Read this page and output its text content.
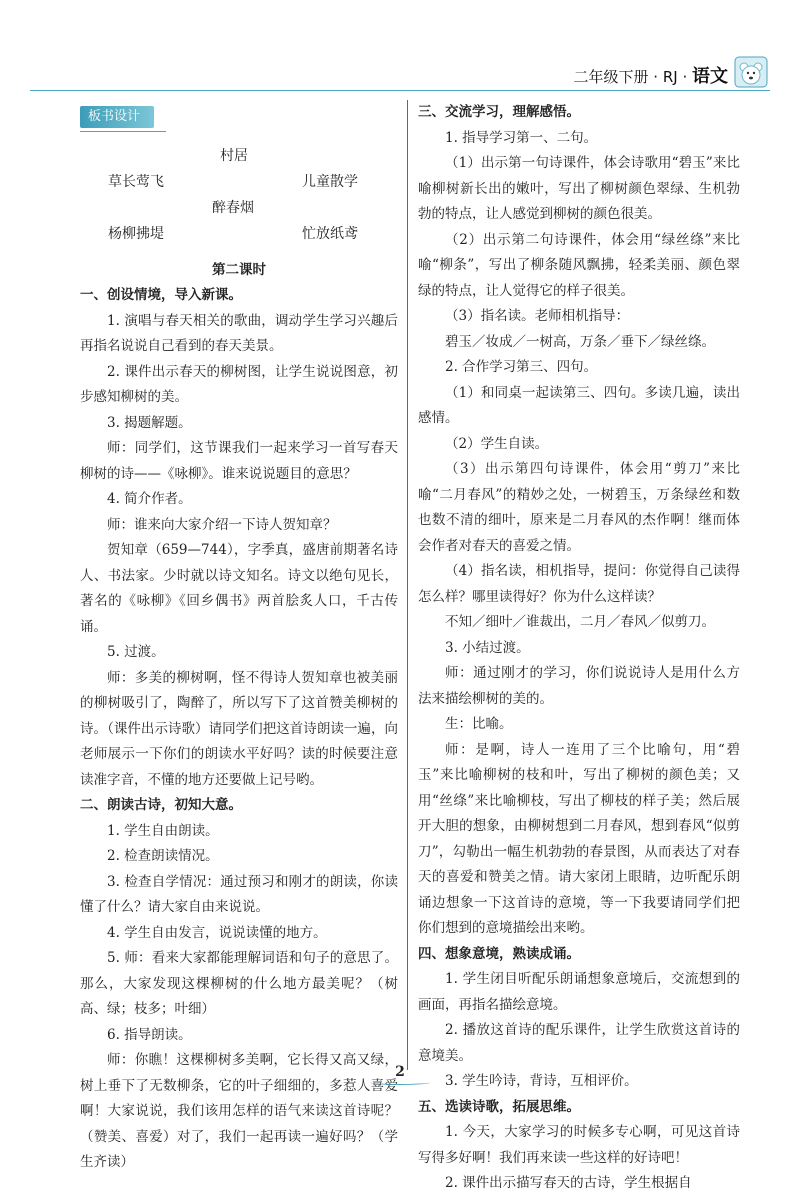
二年级下册 · RJ · 语文
板书设计
村居
草长莺飞	儿童散学
醉春烟
杨柳拂堤	忙放纸鸢

第二课时

一、创设情境，导入新课。

1. 演唱与春天相关的歌曲，调动学生学习兴趣后再指名说说自己看到的春天美景。

2. 课件出示春天的柳树图，让学生说说图意，初步感知柳树的美。

3. 揭题解题。

师：同学们，这节课我们一起来学习一首写春天柳树的诗——《咏柳》。谁来说说题目的意思？

4. 简介作者。

师：谁来向大家介绍一下诗人贺知章？

贺知章（659—744），字季真，盛唐前期著名诗人、书法家。少时就以诗文知名。诗文以绝句见长，著名的《咏柳》《回乡偶书》两首脍炙人口，千古传诵。

5. 过渡。

师：多美的柳树啊，怪不得诗人贺知章也被美丽的柳树吸引了，陶醉了，所以写下了这首赞美柳树的诗。（课件出示诗歌）请同学们把这首诗朗读一遍，向老师展示一下你们的朗读水平好吗？读的时候要注意读准字音，不懂的地方还要做上记号哟。

二、朗读古诗，初知大意。

1. 学生自由朗读。

2. 检查朗读情况。

3. 检查自学情况：通过预习和刚才的朗读，你读懂了什么？请大家自由来说说。

4. 学生自由发言，说说读懂的地方。

5. 师：看来大家都能理解词语和句子的意思了。那么，大家发现这棵柳树的什么地方最美呢？（树高、绿；枝多；叶细）

6. 指导朗读。

师：你瞧！这棵柳树多美啊，它长得又高又绿，树上垂下了无数柳条，它的叶子细细的，多惹人喜爱啊！大家说说，我们该用怎样的语气来读这首诗呢？（赞美、喜爱）对了，我们一起再读一遍好吗？（学生齐读）

三、交流学习，理解感悟。

1. 指导学习第一、二句。

（1）出示第一句诗课件，体会诗歌用“碧玉”来比喻柳树新长出的嫩叶，写出了柳树颜色翠绿、生机勃勃的特点，让人感觉到柳树的颜色很美。

（2）出示第二句诗课件，体会用“绿丝绦”来比喻“柳条”，写出了柳条随风飘拂，轻柔美丽、颜色翠绿的特点，让人觉得它的样子很美。

（3）指名读。老师相机指导：

碧玉／妆成／一树高，万条／垂下／绿丝绦。

2. 合作学习第三、四句。

（1）和同桌一起读第三、四句。多读几遍，读出感情。

（2）学生自读。

（3）出示第四句诗课件，体会用“剪刀”来比喻“二月春风”的精妙之处，一树碧玉，万条绿丝和数也数不清的细叶，原来是二月春风的杰作啊！继而体会作者对春天的喜爱之情。

（4）指名读，相机指导，提问：你觉得自己读得怎么样？哪里读得好？你为什么这样读？

不知／细叶／谁裁出，二月／春风／似剪刀。

3. 小结过渡。

师：通过刚才的学习，你们说说诗人是用什么方法来描绘柳树的美的。

生：比喻。

师：是啊，诗人一连用了三个比喻句，用“碧玉”来比喻柳树的枝和叶，写出了柳树的颜色美；又用“丝绦”来比喻柳枝，写出了柳枝的样子美；然后展开大胆的想象，由柳树想到二月春风，想到春风“似剪刀”，勾勒出一幅生机勃勃的春景图，从而表达了对春天的喜爱和赞美之情。请大家闭上眼睛，边听配乐朗诵边想象一下这首诗的意境，等一下我要请同学们把你们想到的意境描绘出来哟。

四、想象意境，熟读成诵。

1. 学生闭目听配乐朗诵想象意境后，交流想到的画面，再指名描绘意境。

2. 播放这首诗的配乐课件，让学生欣赏这首诗的意境美。

3. 学生吟诗，背诗，互相评价。

五、选读诗歌，拓展思维。

1. 今天，大家学习的时候多专心啊，可见这首诗写得多好啊！我们再来读一些这样的好诗吧！

2. 课件出示描写春天的古诗，学生根据自

2
